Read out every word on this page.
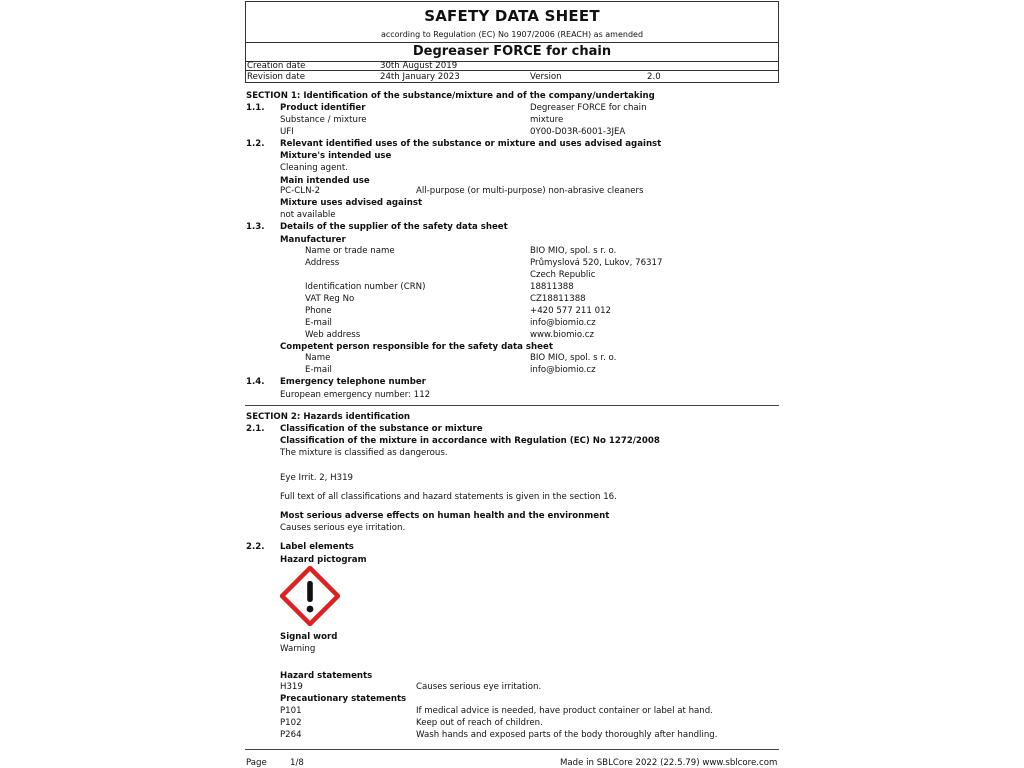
SAFETY DATA SHEET
according to Regulation (EC) No 1907/2006 (REACH) as amended
Degreaser FORCE for chain
Creation date	30th August 2019
Revision date	24th January 2023	Version	2.0
SECTION 1: Identification of the substance/mixture and of the company/undertaking
1.1. Product identifier	Degreaser FORCE for chain
Substance / mixture	mixture
UFI	0Y00-D03R-6001-3JEA
1.2. Relevant identified uses of the substance or mixture and uses advised against
Mixture's intended use
Cleaning agent.
Main intended use
PC-CLN-2	All-purpose (or multi-purpose) non-abrasive cleaners
Mixture uses advised against
not available
1.3. Details of the supplier of the safety data sheet
Manufacturer
Name or trade name	BIO MIO, spol. s r. o.
Address	Průmyslová 520, Lukov, 76317
Czech Republic
Identification number (CRN)	18811388
VAT Reg No	CZ18811388
Phone	+420 577 211 012
E-mail	info@biomio.cz
Web address	www.biomio.cz
Competent person responsible for the safety data sheet
Name	BIO MIO, spol. s r. o.
E-mail	info@biomio.cz
1.4. Emergency telephone number
European emergency number: 112
SECTION 2: Hazards identification
2.1. Classification of the substance or mixture
Classification of the mixture in accordance with Regulation (EC) No 1272/2008
The mixture is classified as dangerous.
Eye Irrit. 2, H319
Full text of all classifications and hazard statements is given in the section 16.
Most serious adverse effects on human health and the environment
Causes serious eye irritation.
2.2. Label elements
Hazard pictogram
Signal word
Warning
Hazard statements
H319	Causes serious eye irritation.
Precautionary statements
P101	If medical advice is needed, have product container or label at hand.
P102	Keep out of reach of children.
P264	Wash hands and exposed parts of the body thoroughly after handling.
Page	1/8	Made in SBLCore 2022 (22.5.79) www.sblcore.com
